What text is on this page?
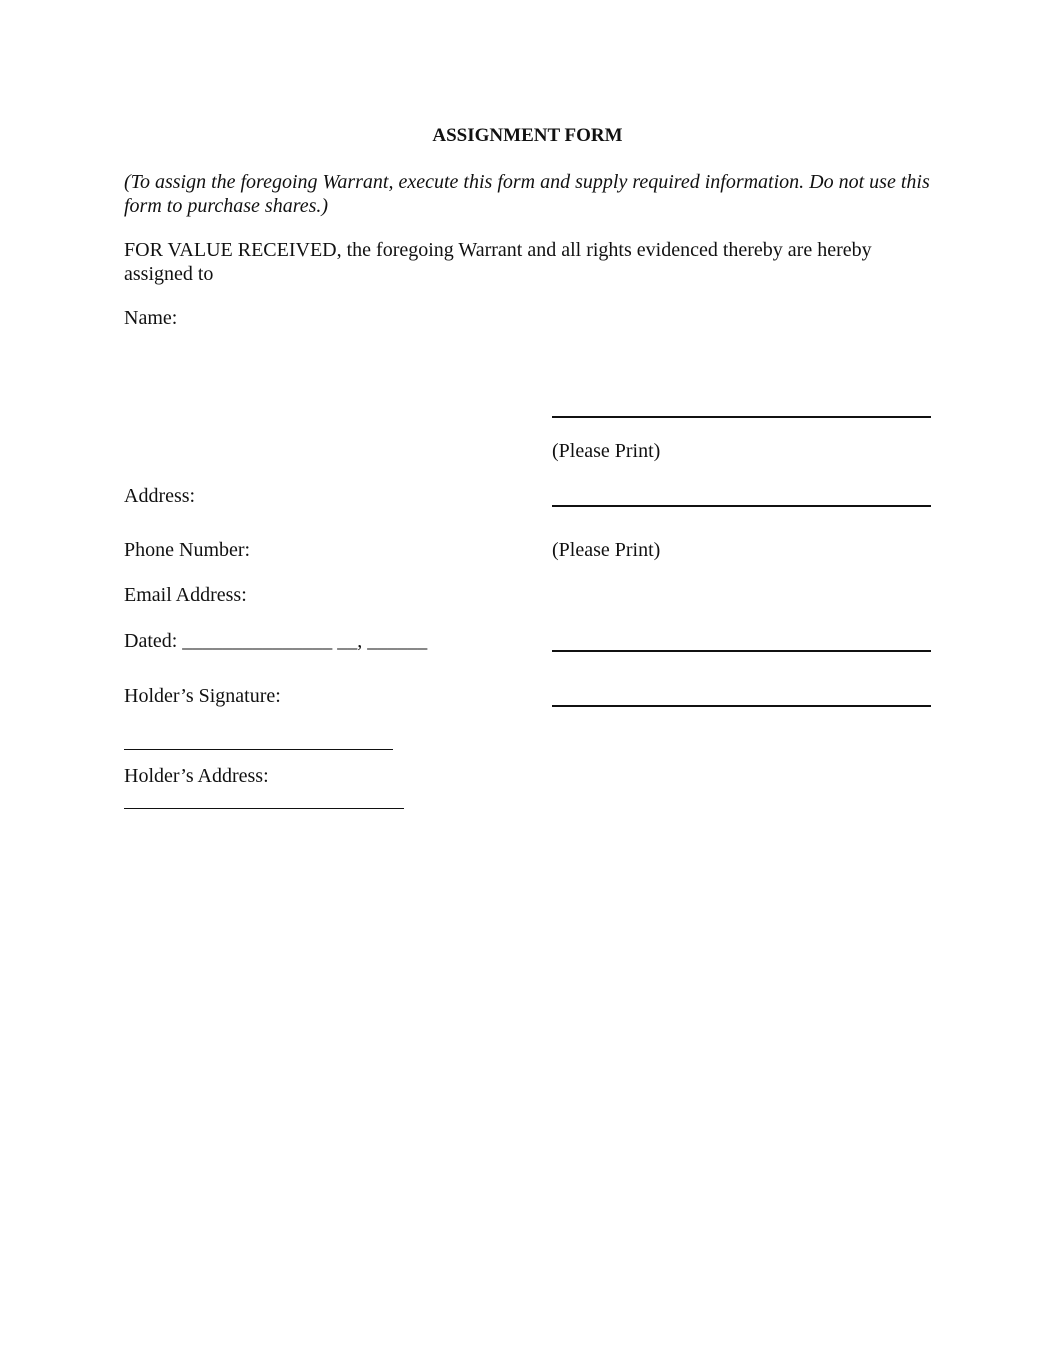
ASSIGNMENT FORM
(To assign the foregoing Warrant, execute this form and supply required information. Do not use this form to purchase shares.)
FOR VALUE RECEIVED, the foregoing Warrant and all rights evidenced thereby are hereby assigned to
Name:
(Please Print)
Address:
Phone Number:	(Please Print)
Email Address:
Dated: _______________ __, ______
Holder’s Signature:
Holder’s Address:
